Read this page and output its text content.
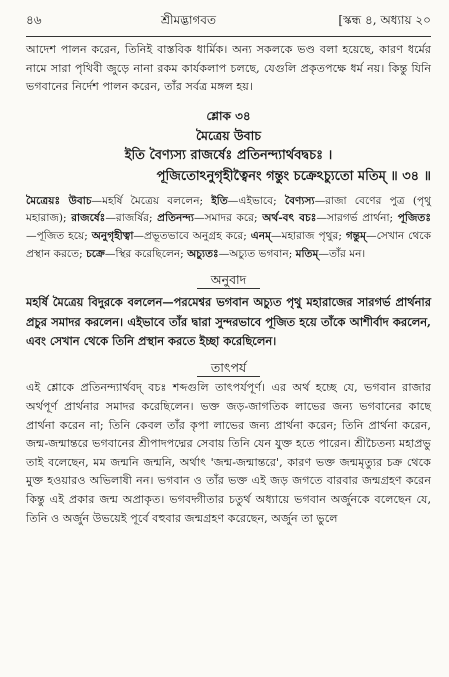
৪৬	শ্রীমদ্ভাগবত	[স্কন্ধ ৪, অধ্যায় ২০

আদেশ পালন করেন, তিনিই বাস্তবিক ধার্মিক। অন্য সকলকে ভণ্ড বলা হয়েছে, কারণ ধর্মের নামে সারা পৃথিবী জুড়ে নানা রকম কার্যকলাপ চলছে, যেগুলি প্রকৃতপক্ষে ধর্ম নয়। কিন্তু যিনি ভগবানের নির্দেশ পালন করেন, তাঁর সর্বত্র মঙ্গল হয়।

শ্লোক ৩৪
মৈত্রেয় উবাচ
ইতি বৈণ্যস্য রাজর্ষেঃ প্রতিনন্দ্যার্থবদ্বচঃ ।
পূজিতোঽনুগৃহীত্বৈনং গন্তুং চক্রেঽচ্যুতো মতিম্ ॥ ৩৪ ॥

মৈত্রেয়ঃ উবাচ—মহর্ষি মৈত্রেয় বললেন; ইতি—এইভাবে; বৈণ্যস্য—রাজা বেণের পুত্র (পৃথু মহারাজ); রাজর্ষেঃ—রাজর্ষির; প্রতিনন্দ্য—সমাদর করে; অর্থ-বৎ বচঃ—সারগর্ভ প্রার্থনা; পূজিতঃ—পূজিত হয়ে; অনুগৃহীত্বা—প্রভূতভাবে অনুগ্রহ করে; এনম্—মহারাজ পৃথুর; গন্তুম্—সেখান থেকে প্রস্থান করতে; চক্রে—স্থির করেছিলেন; অচ্যুতঃ—অচ্যুত ভগবান; মতিম্—তাঁর মন।

অনুবাদ

মহর্ষি মৈত্রেয় বিদুরকে বললেন—পরমেশ্বর ভগবান অচ্যুত পৃথু মহারাজের সারগর্ভ প্রার্থনার প্রচুর সমাদর করলেন। এইভাবে তাঁর দ্বারা সুন্দরভাবে পূজিত হয়ে তাঁকে আশীর্বাদ করলেন, এবং সেখান থেকে তিনি প্রস্থান করতে ইচ্ছা করেছিলেন।

তাৎপর্য

এই শ্লোকে প্রতিনন্দ্যার্থবদ্ বচঃ শব্দগুলি তাৎপর্যপূর্ণ। এর অর্থ হচ্ছে যে, ভগবান রাজার অর্থপূর্ণ প্রার্থনার সমাদর করেছিলেন। ভক্ত জড়-জাগতিক লাভের জন্য ভগবানের কাছে প্রার্থনা করেন না; তিনি কেবল তাঁর কৃপা লাভের জন্য প্রার্থনা করেন; তিনি প্রার্থনা করেন, জন্ম-জন্মান্তরে ভগবানের শ্রীপাদপদ্মের সেবায় তিনি যেন যুক্ত হতে পারেন। শ্রীচৈতন্য মহাপ্রভু তাই বলেছেন, মম জন্মনি জন্মনি, অর্থাৎ 'জন্ম-জন্মান্তরে', কারণ ভক্ত জন্মমৃত্যুর চক্র থেকে মুক্ত হওয়ারও অভিলাষী নন। ভগবান ও তাঁর ভক্ত এই জড় জগতে বারবার জন্মগ্রহণ করেন কিন্তু এই প্রকার জন্ম অপ্রাকৃত। ভগবদ্গীতার চতুর্থ অধ্যায়ে ভগবান অর্জুনকে বলেছেন যে, তিনি ও অর্জুন উভয়েই পূর্বে বহুবার জন্মগ্রহণ করেছেন, অর্জুন তা ভুলে
